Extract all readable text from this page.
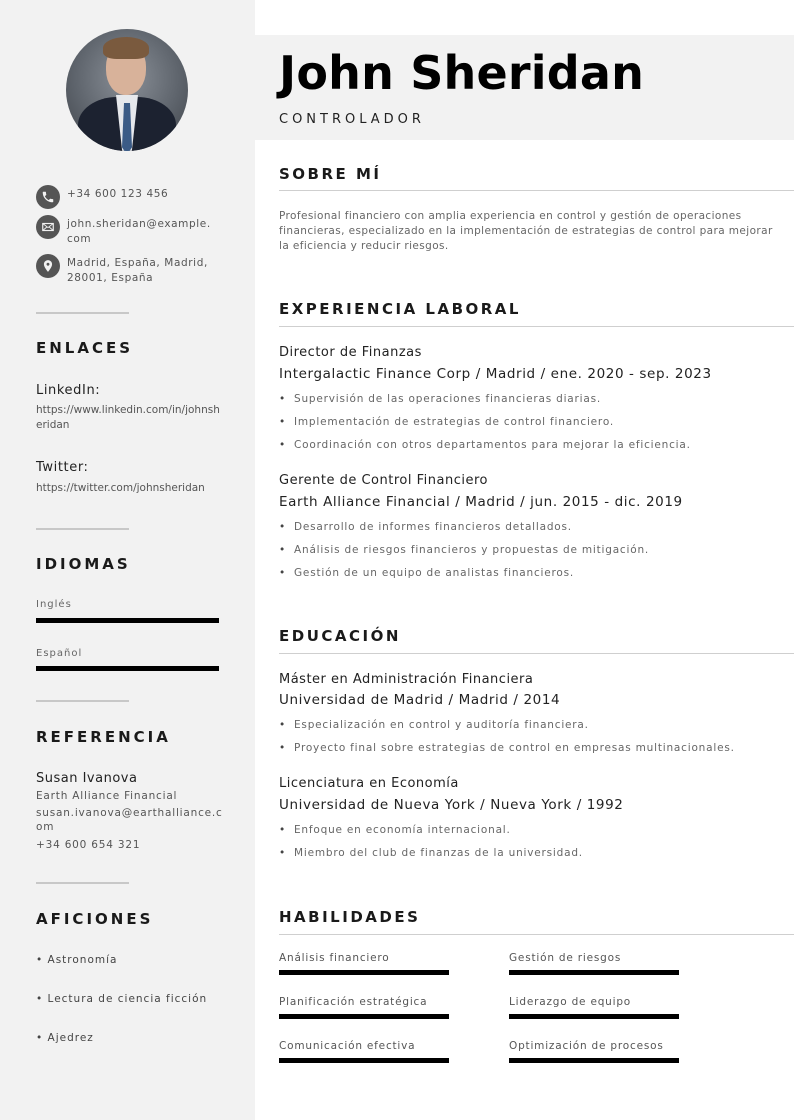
+34 600 123 456
john.sheridan@example.com
Madrid, España, Madrid, 28001, España
ENLACES
LinkedIn:
https://www.linkedin.com/in/johnsheridan
Twitter:
https://twitter.com/johnsheridan
IDIOMAS
Inglés
Español
REFERENCIA
Susan Ivanova
Earth Alliance Financial
susan.ivanova@earthalliance.com
+34 600 654 321
AFICIONES
• Astronomía
• Lectura de ciencia ficción
• Ajedrez
John Sheridan
CONTROLADOR
SOBRE MÍ
Profesional financiero con amplia experiencia en control y gestión de operaciones financieras, especializado en la implementación de estrategias de control para mejorar la eficiencia y reducir riesgos.
EXPERIENCIA LABORAL
Director de Finanzas
Intergalactic Finance Corp / Madrid / ene. 2020 - sep. 2023
• Supervisión de las operaciones financieras diarias.
• Implementación de estrategias de control financiero.
• Coordinación con otros departamentos para mejorar la eficiencia.
Gerente de Control Financiero
Earth Alliance Financial / Madrid / jun. 2015 - dic. 2019
• Desarrollo de informes financieros detallados.
• Análisis de riesgos financieros y propuestas de mitigación.
• Gestión de un equipo de analistas financieros.
EDUCACIÓN
Máster en Administración Financiera
Universidad de Madrid / Madrid / 2014
• Especialización en control y auditoría financiera.
• Proyecto final sobre estrategias de control en empresas multinacionales.
Licenciatura en Economía
Universidad de Nueva York / Nueva York / 1992
• Enfoque en economía internacional.
• Miembro del club de finanzas de la universidad.
HABILIDADES
Análisis financiero	Gestión de riesgos
Planificación estratégica	Liderazgo de equipo
Comunicación efectiva	Optimización de procesos
